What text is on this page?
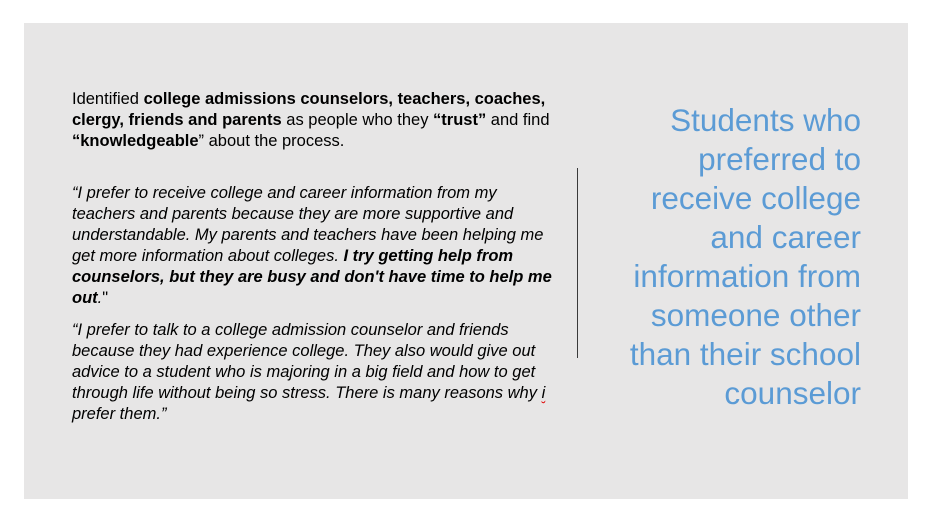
Identified college admissions counselors, teachers, coaches, clergy, friends and parents as people who they “trust” and find “knowledgeable” about the process.

“I prefer to receive college and career information from my teachers and parents because they are more supportive and understandable. My parents and teachers have been helping me get more information about colleges. I try getting help from counselors, but they are busy and don't have time to help me out."

“I prefer to talk to a college admission counselor and friends because they had experience college. They also would give out advice to a student who is majoring in a big field and how to get through life without being so stress. There is many reasons why i prefer them.”

Students who
preferred to
receive college
and career
information from
someone other
than their school
counselor
